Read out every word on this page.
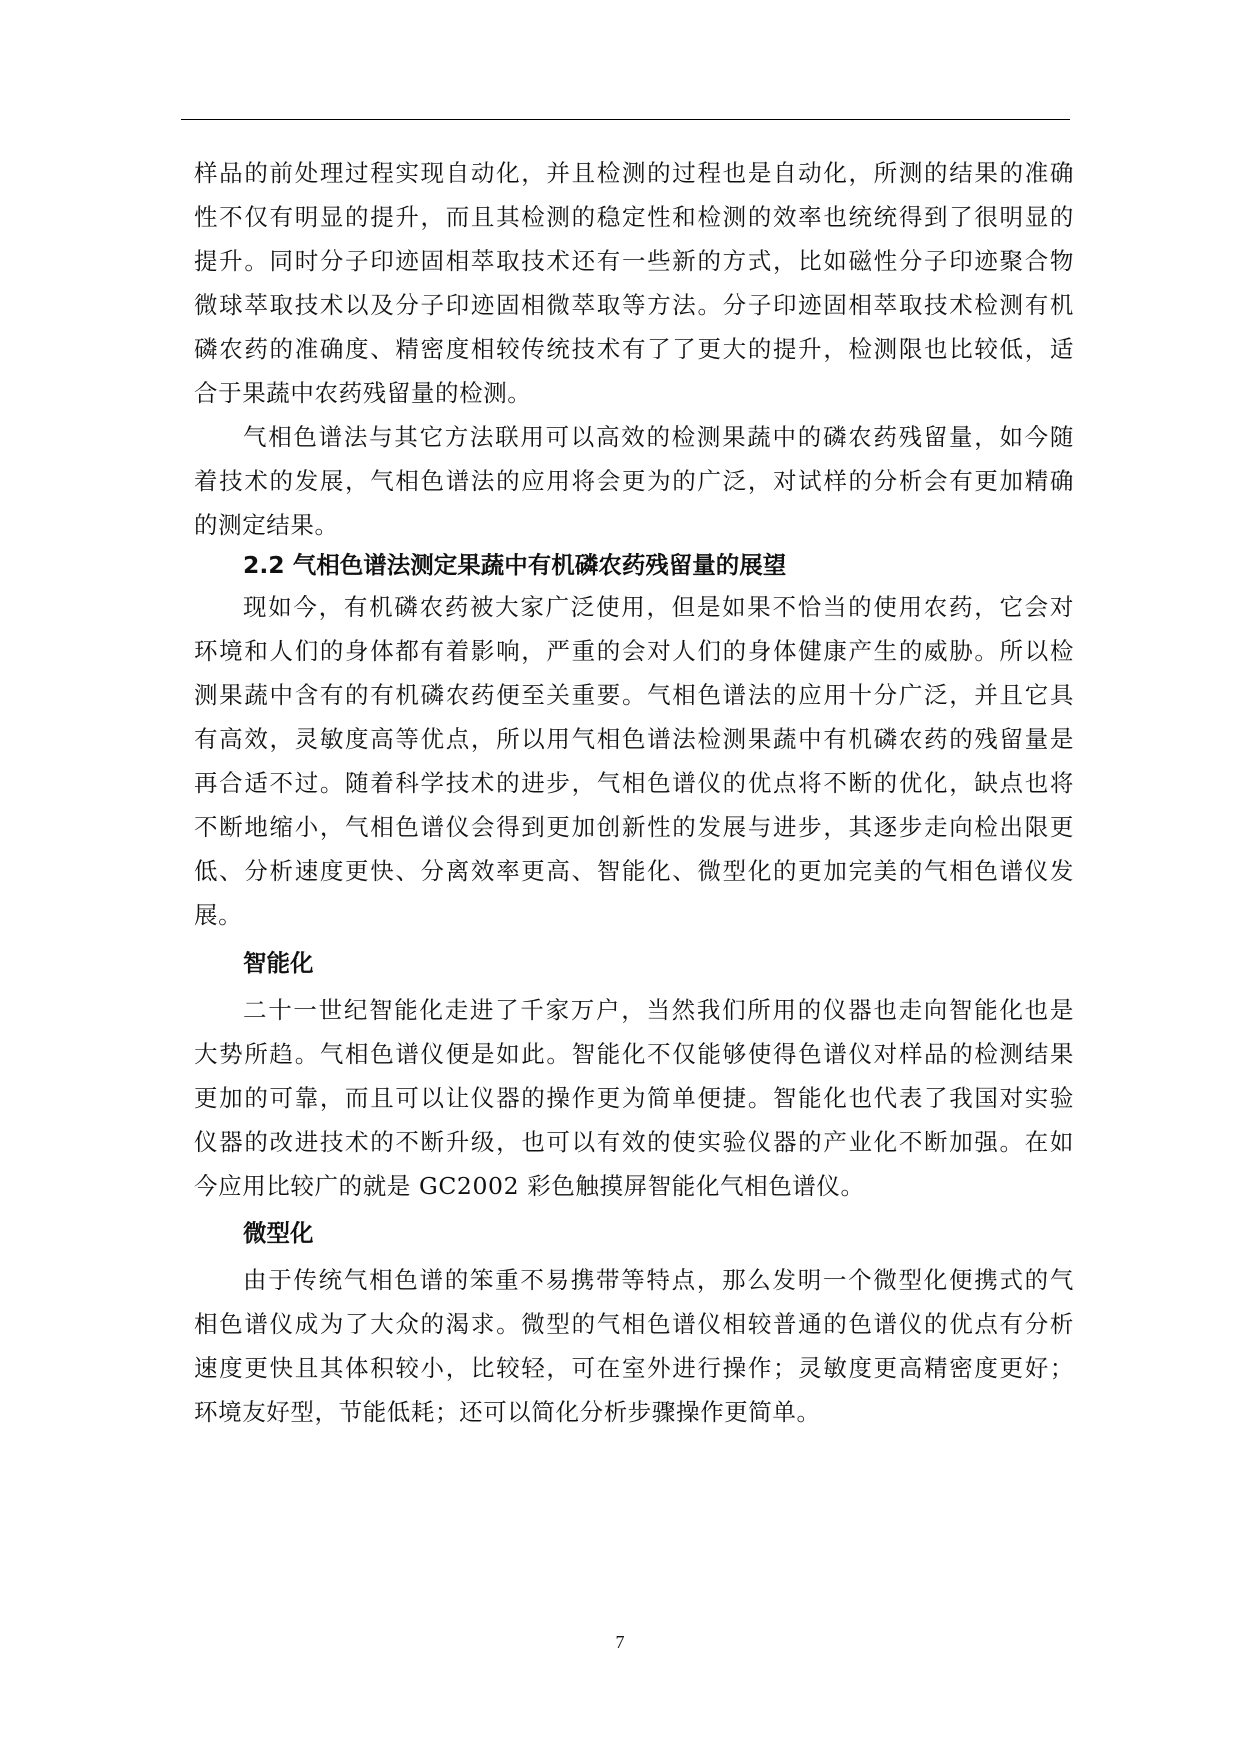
样品的前处理过程实现自动化，并且检测的过程也是自动化，所测的结果的准确
性不仅有明显的提升，而且其检测的稳定性和检测的效率也统统得到了很明显的
提升。同时分子印迹固相萃取技术还有一些新的方式，比如磁性分子印迹聚合物
微球萃取技术以及分子印迹固相微萃取等方法。分子印迹固相萃取技术检测有机
磷农药的准确度、精密度相较传统技术有了了更大的提升，检测限也比较低，适
合于果蔬中农药残留量的检测。
气相色谱法与其它方法联用可以高效的检测果蔬中的磷农药残留量，如今随
着技术的发展，气相色谱法的应用将会更为的广泛，对试样的分析会有更加精确
的测定结果。
2.2 气相色谱法测定果蔬中有机磷农药残留量的展望
现如今，有机磷农药被大家广泛使用，但是如果不恰当的使用农药，它会对
环境和人们的身体都有着影响，严重的会对人们的身体健康产生的威胁。所以检
测果蔬中含有的有机磷农药便至关重要。气相色谱法的应用十分广泛，并且它具
有高效，灵敏度高等优点，所以用气相色谱法检测果蔬中有机磷农药的残留量是
再合适不过。随着科学技术的进步，气相色谱仪的优点将不断的优化，缺点也将
不断地缩小，气相色谱仪会得到更加创新性的发展与进步，其逐步走向检出限更
低、分析速度更快、分离效率更高、智能化、微型化的更加完美的气相色谱仪发
展。
智能化
二十一世纪智能化走进了千家万户，当然我们所用的仪器也走向智能化也是
大势所趋。气相色谱仪便是如此。智能化不仅能够使得色谱仪对样品的检测结果
更加的可靠，而且可以让仪器的操作更为简单便捷。智能化也代表了我国对实验
仪器的改进技术的不断升级，也可以有效的使实验仪器的产业化不断加强。在如
今应用比较广的就是 GC2002 彩色触摸屏智能化气相色谱仪。
微型化
由于传统气相色谱的笨重不易携带等特点，那么发明一个微型化便携式的气
相色谱仪成为了大众的渴求。微型的气相色谱仪相较普通的色谱仪的优点有分析
速度更快且其体积较小，比较轻，可在室外进行操作；灵敏度更高精密度更好；
环境友好型，节能低耗；还可以简化分析步骤操作更简单。
7
